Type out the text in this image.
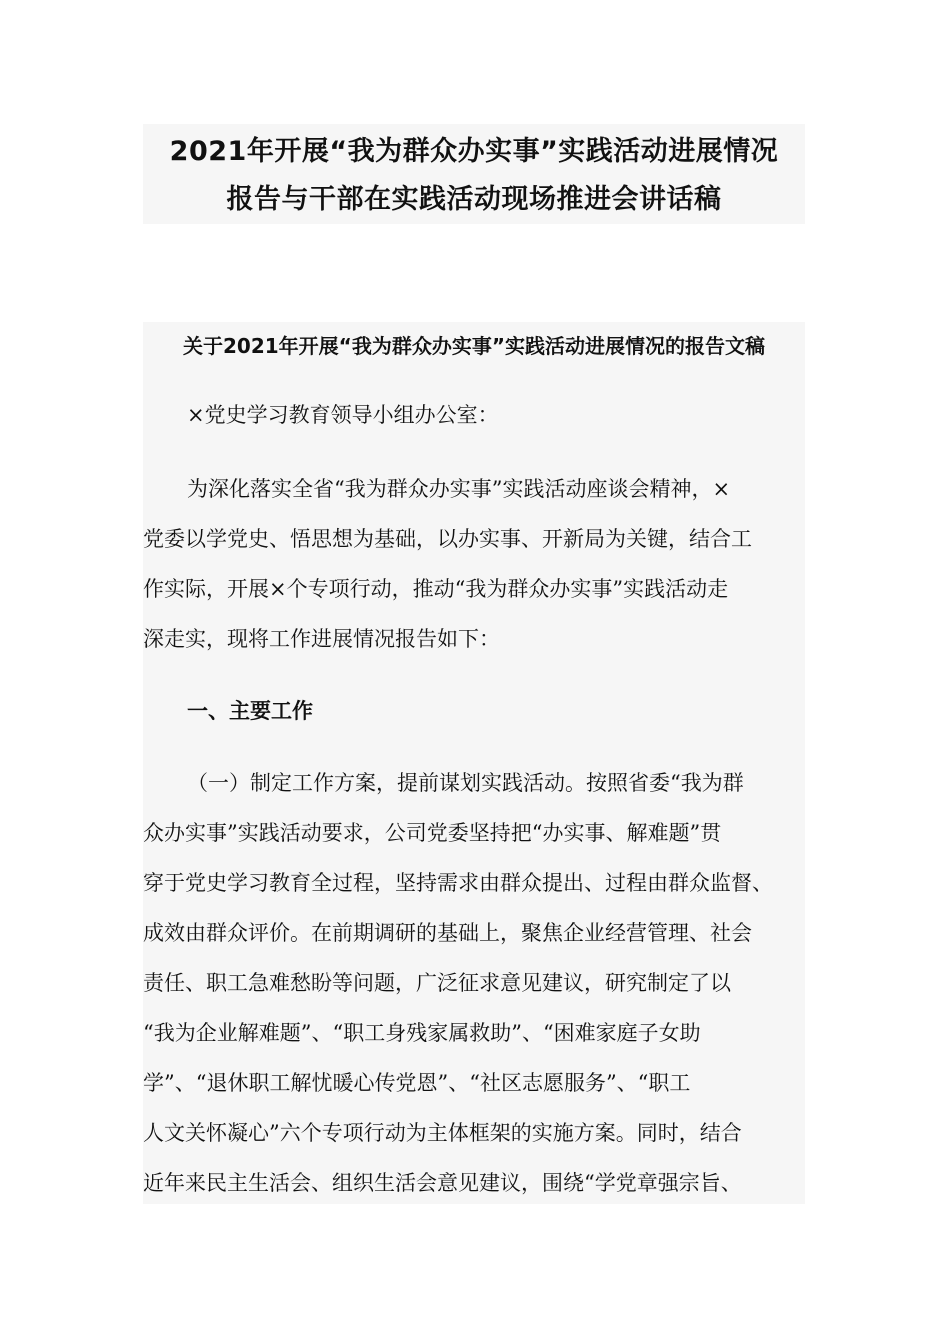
2021年开展“我为群众办实事”实践活动进展情况
报告与干部在实践活动现场推进会讲话稿
关于2021年开展“我为群众办实事”实践活动进展情况的报告文稿
×党史学习教育领导小组办公室：
为深化落实全省“我为群众办实事”实践活动座谈会精神，×
党委以学党史、悟思想为基础，以办实事、开新局为关键，结合工
作实际，开展×个专项行动，推动“我为群众办实事”实践活动走
深走实，现将工作进展情况报告如下：
一、主要工作
（一）制定工作方案，提前谋划实践活动。按照省委“我为群
众办实事”实践活动要求，公司党委坚持把“办实事、解难题”贯
穿于党史学习教育全过程，坚持需求由群众提出、过程由群众监督、
成效由群众评价。在前期调研的基础上，聚焦企业经营管理、社会
责任、职工急难愁盼等问题，广泛征求意见建议，研究制定了以
“我为企业解难题”、“职工身残家属救助”、“困难家庭子女助
学”、“退休职工解忧暖心传党恩”、“社区志愿服务”、“职工
人文关怀凝心”六个专项行动为主体框架的实施方案。同时，结合
近年来民主生活会、组织生活会意见建议，围绕“学党章强宗旨、
